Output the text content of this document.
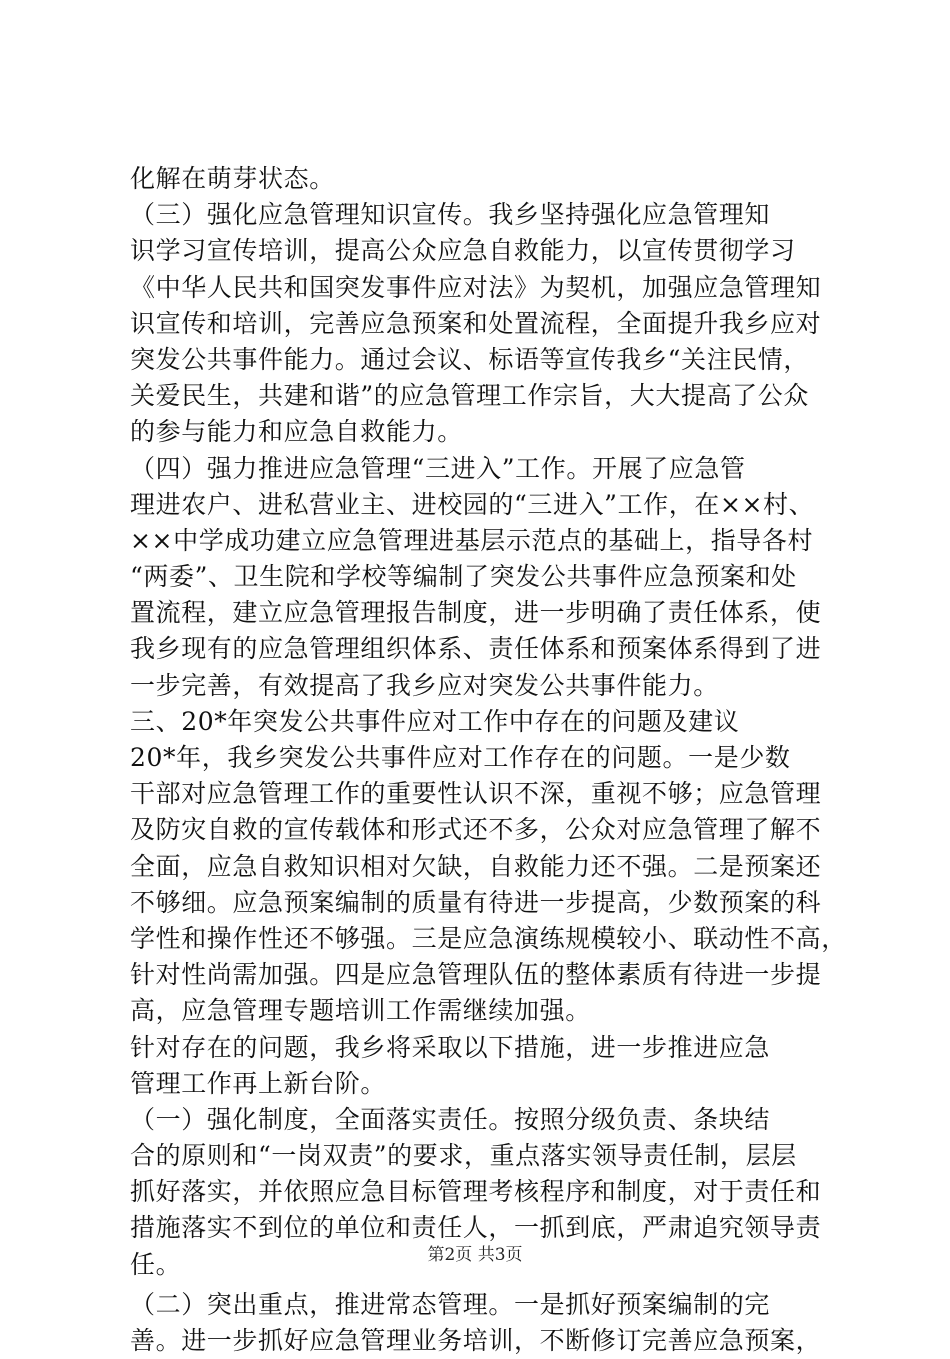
化解在萌芽状态。
（三）强化应急管理知识宣传。我乡坚持强化应急管理知
识学习宣传培训，提高公众应急自救能力，以宣传贯彻学习
《中华人民共和国突发事件应对法》为契机，加强应急管理知
识宣传和培训，完善应急预案和处置流程，全面提升我乡应对
突发公共事件能力。通过会议、标语等宣传我乡“关注民情，
关爱民生，共建和谐”的应急管理工作宗旨，大大提高了公众
的参与能力和应急自救能力。
（四）强力推进应急管理“三进入”工作。开展了应急管
理进农户、进私营业主、进校园的“三进入”工作，在××村、
××中学成功建立应急管理进基层示范点的基础上，指导各村
“两委”、卫生院和学校等编制了突发公共事件应急预案和处
置流程，建立应急管理报告制度，进一步明确了责任体系，使
我乡现有的应急管理组织体系、责任体系和预案体系得到了进
一步完善，有效提高了我乡应对突发公共事件能力。
三、20*年突发公共事件应对工作中存在的问题及建议
20*年，我乡突发公共事件应对工作存在的问题。一是少数
干部对应急管理工作的重要性认识不深，重视不够；应急管理
及防灾自救的宣传载体和形式还不多，公众对应急管理了解不
全面，应急自救知识相对欠缺，自救能力还不强。二是预案还
不够细。应急预案编制的质量有待进一步提高，少数预案的科
学性和操作性还不够强。三是应急演练规模较小、联动性不高，
针对性尚需加强。四是应急管理队伍的整体素质有待进一步提
高，应急管理专题培训工作需继续加强。
针对存在的问题，我乡将采取以下措施，进一步推进应急
管理工作再上新台阶。
（一）强化制度，全面落实责任。按照分级负责、条块结
合的原则和“一岗双责”的要求，重点落实领导责任制，层层
抓好落实，并依照应急目标管理考核程序和制度，对于责任和
措施落实不到位的单位和责任人，一抓到底，严肃追究领导责
任。
（二）突出重点，推进常态管理。一是抓好预案编制的完
善。进一步抓好应急管理业务培训，不断修订完善应急预案，
第2页 共3页
